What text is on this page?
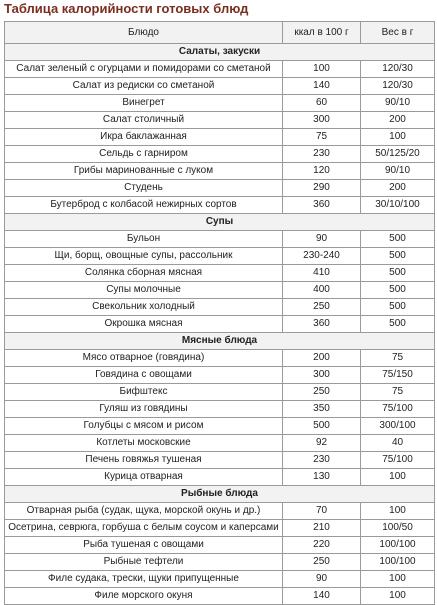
Таблица калорийности готовых блюд
Блюдо	ккал в 100 г	Вес в г
Салаты, закуски		
Салат зеленый с огурцами и помидорами со сметаной	100	120/30
Салат из редиски со сметаной	140	120/30
Винегрет	60	90/10
Салат столичный	300	200
Икра баклажанная	75	100
Сельдь с гарниром	230	50/125/20
Грибы маринованные с луком	120	90/10
Студень	290	200
Бутерброд с колбасой нежирных сортов	360	30/10/100
Супы		
Бульон	90	500
Щи, борщ, овощные супы, рассольник	230-240	500
Солянка сборная мясная	410	500
Супы молочные	400	500
Свекольник холодный	250	500
Окрошка мясная	360	500
Мясные блюда		
Мясо отварное (говядина)	200	75
Говядина с овощами	300	75/150
Бифштекс	250	75
Гуляш из говядины	350	75/100
Голубцы с мясом и рисом	500	300/100
Котлеты московские	92	40
Печень говяжья тушеная	230	75/100
Курица отварная	130	100
Рыбные блюда		
Отварная рыба (судак, щука, морской окунь и др.)	70	100
Осетрина, севрюга, горбуша с белым соусом и каперсами	210	100/50
Рыба тушеная с овощами	220	100/100
Рыбные тефтели	250	100/100
Филе судака, трески, щуки припущенные	90	100
Филе морского окуня	140	100
